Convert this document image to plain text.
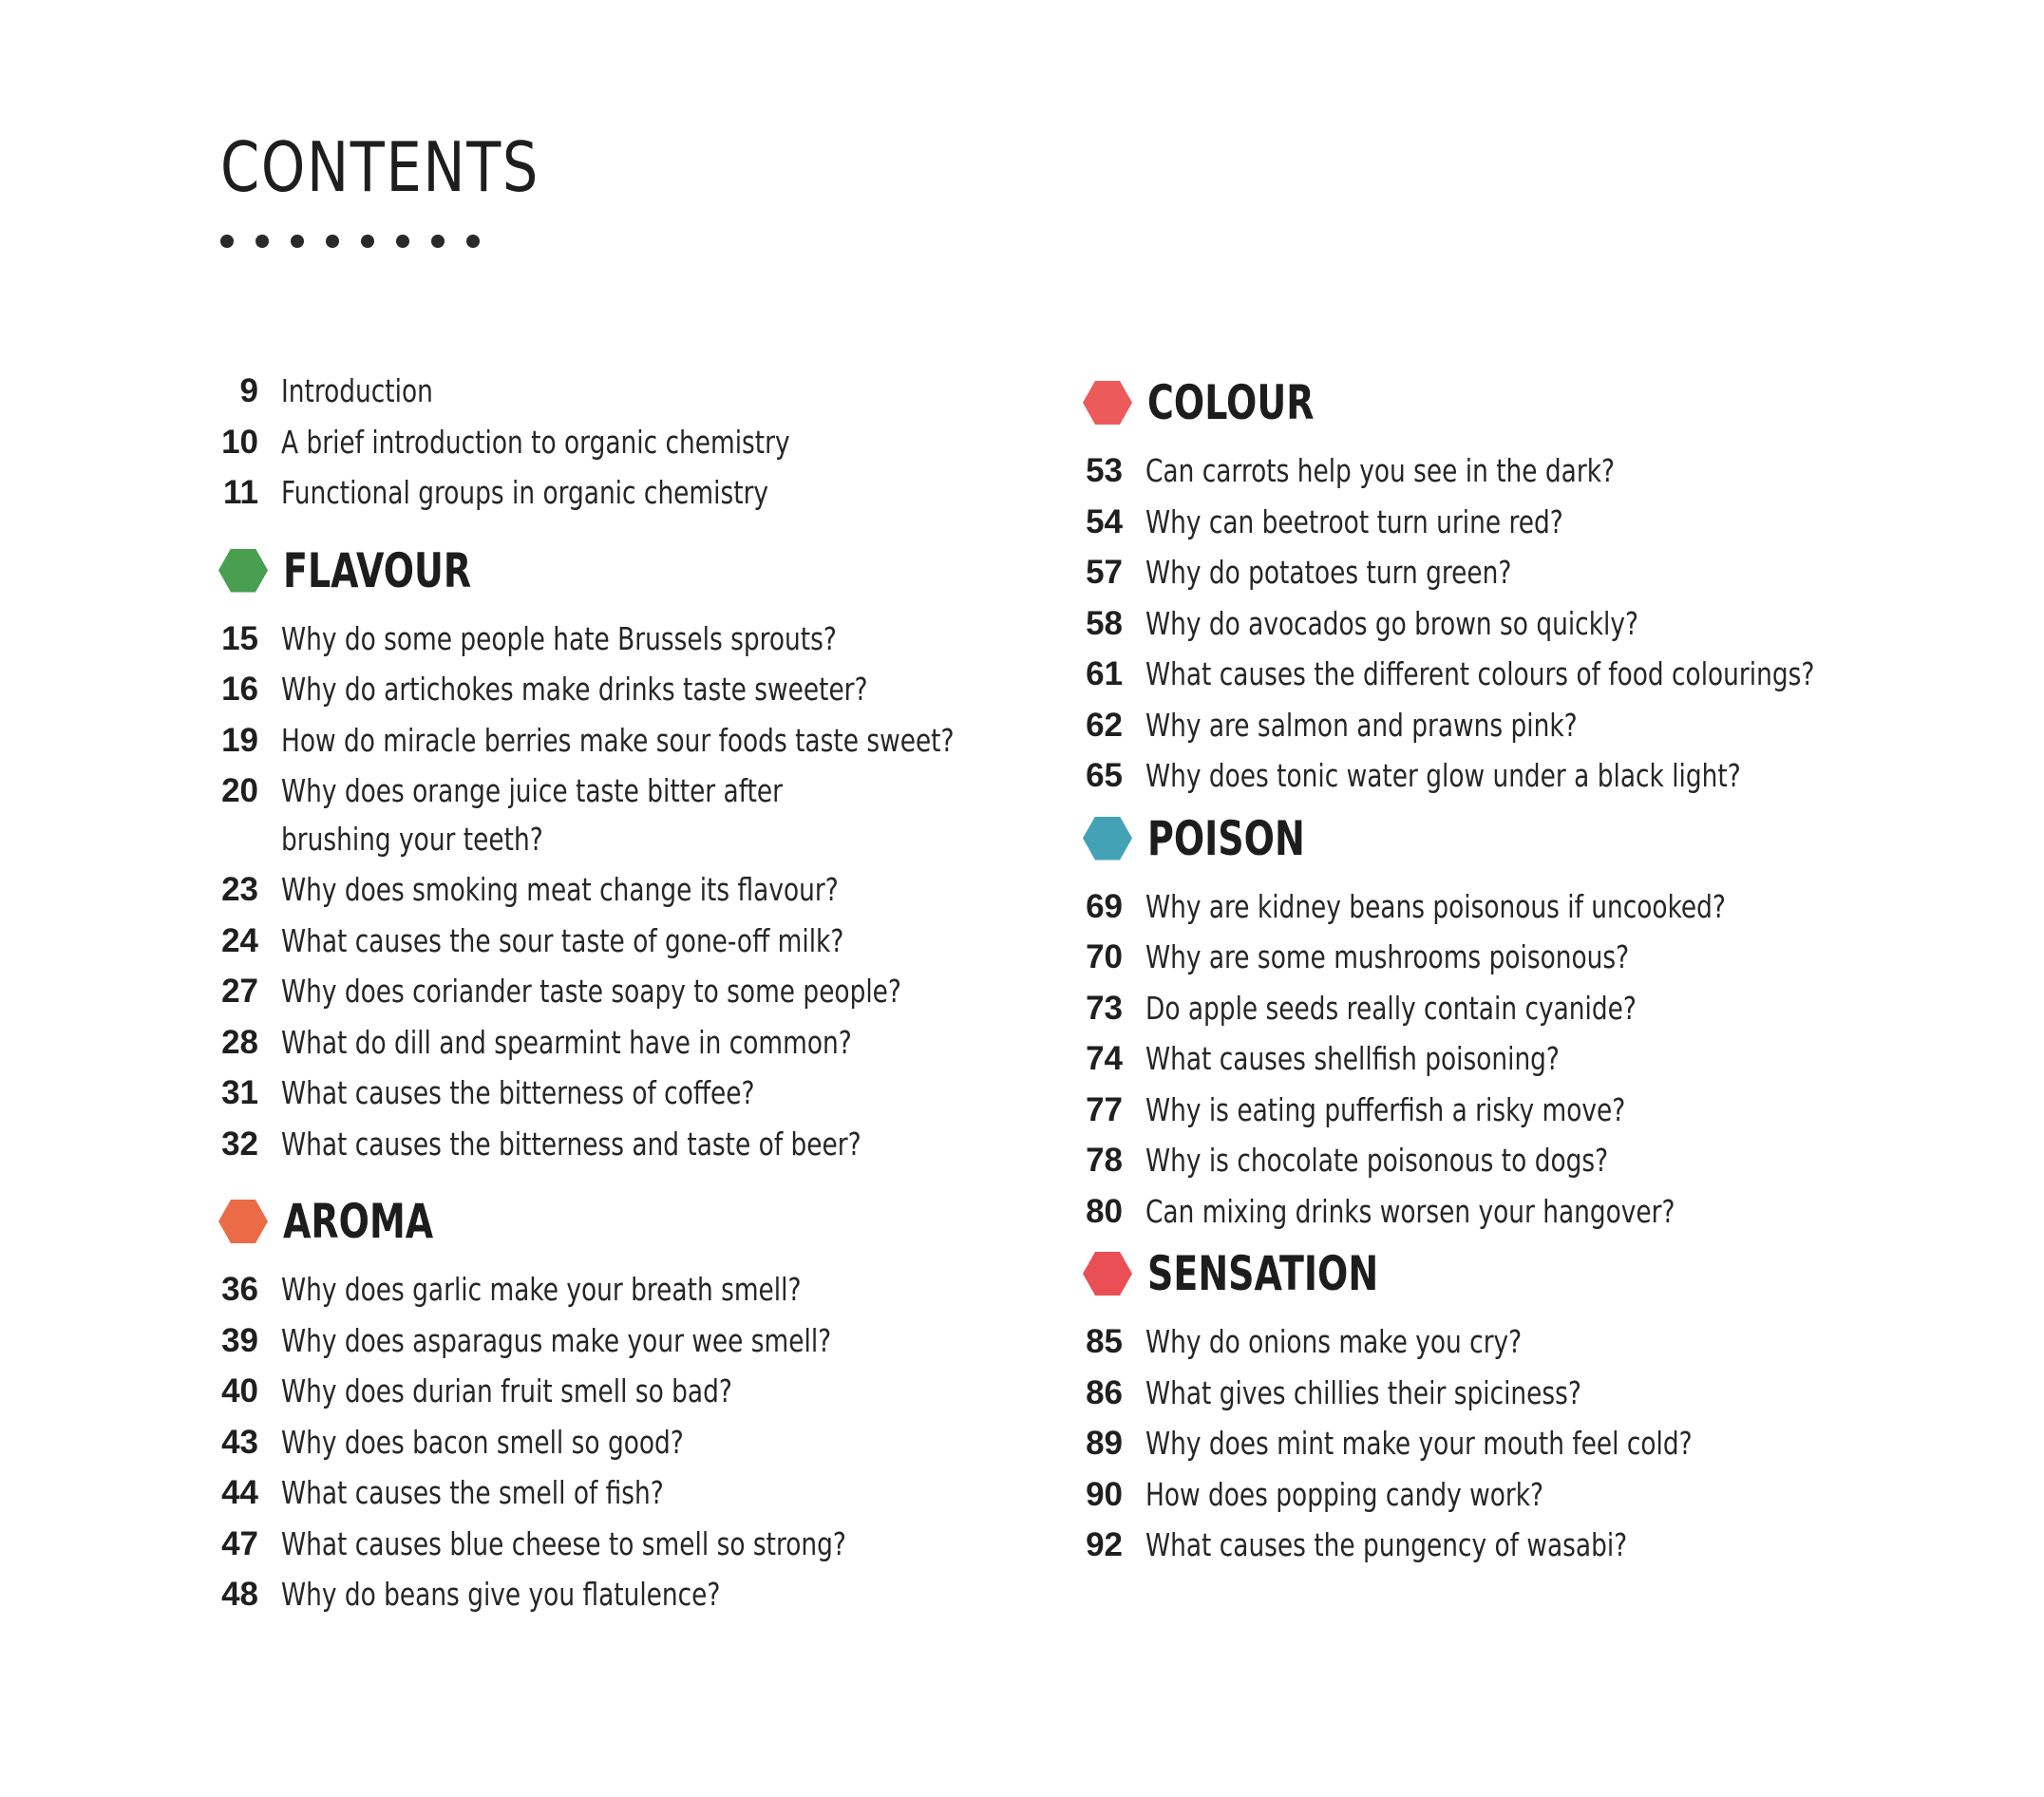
CONTENTS
9 Introduction
10 A brief introduction to organic chemistry
11 Functional groups in organic chemistry
FLAVOUR
15 Why do some people hate Brussels sprouts?
16 Why do artichokes make drinks taste sweeter?
19 How do miracle berries make sour foods taste sweet?
20 Why does orange juice taste bitter after brushing your teeth?
23 Why does smoking meat change its flavour?
24 What causes the sour taste of gone-off milk?
27 Why does coriander taste soapy to some people?
28 What do dill and spearmint have in common?
31 What causes the bitterness of coffee?
32 What causes the bitterness and taste of beer?
AROMA
36 Why does garlic make your breath smell?
39 Why does asparagus make your wee smell?
40 Why does durian fruit smell so bad?
43 Why does bacon smell so good?
44 What causes the smell of fish?
47 What causes blue cheese to smell so strong?
48 Why do beans give you flatulence?
COLOUR
53 Can carrots help you see in the dark?
54 Why can beetroot turn urine red?
57 Why do potatoes turn green?
58 Why do avocados go brown so quickly?
61 What causes the different colours of food colourings?
62 Why are salmon and prawns pink?
65 Why does tonic water glow under a black light?
POISON
69 Why are kidney beans poisonous if uncooked?
70 Why are some mushrooms poisonous?
73 Do apple seeds really contain cyanide?
74 What causes shellfish poisoning?
77 Why is eating pufferfish a risky move?
78 Why is chocolate poisonous to dogs?
80 Can mixing drinks worsen your hangover?
SENSATION
85 Why do onions make you cry?
86 What gives chillies their spiciness?
89 Why does mint make your mouth feel cold?
90 How does popping candy work?
92 What causes the pungency of wasabi?
